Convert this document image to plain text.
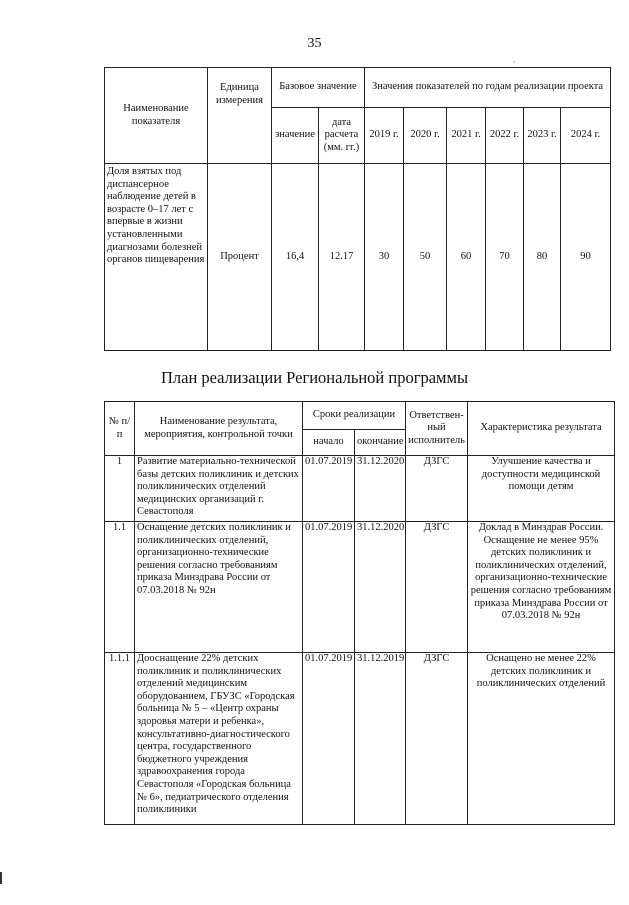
35
ˇ
Наименование показателя	Единица измерения	Базовое значение		Значения показателей по годам реализации проекта					
		значение	дата расчета (мм. гг.)	2019 г.	2020 г.	2021 г.	2022 г.	2023 г.	2024 г.
Доля взятых под диспансерное наблюдение детей в возрасте 0–17 лет с впервые в жизни установленными диагнозами болезней органов пищеварения	Процент	16,4	12.17	30	50	60	70	80	90
План реализации Региональной программы
№ п/п	Наименование результата, мероприятия, контрольной точки	Сроки реализации		Ответствен-ный исполнитель	Характеристика результата
		начало	окончание		
1	Развитие материально-технической базы детских поликлиник и детских поликлинических отделений медицинских организаций г. Севастополя	01.07.2019	31.12.2020	ДЗГС	Улучшение качества и доступности медицинской помощи детям
1.1	Оснащение детских поликлиник и поликлинических отделений, организационно-технические решения согласно требованиям приказа Минздрава России от 07.03.2018 № 92н	01.07.2019	31.12.2020	ДЗГС	Доклад в Минздрав России. Оснащение не менее 95% детских поликлиник и поликлинических отделений, организационно-технические решения согласно требованиям приказа Минздрава России от 07.03.2018 № 92н
1.1.1	Дооснащение 22% детских поликлиник и поликлинических отделений медицинским оборудованием, ГБУЗС «Городская больница № 5 – «Центр охраны здоровья матери и ребенка», консультативно-диагностического центра, государственного бюджетного учреждения здравоохранения города Севастополя «Городская больница № 6», педиатрического отделения поликлиники	01.07.2019	31.12.2019	ДЗГС	Оснащено не менее 22% детских поликлиник и поликлинических отделений
